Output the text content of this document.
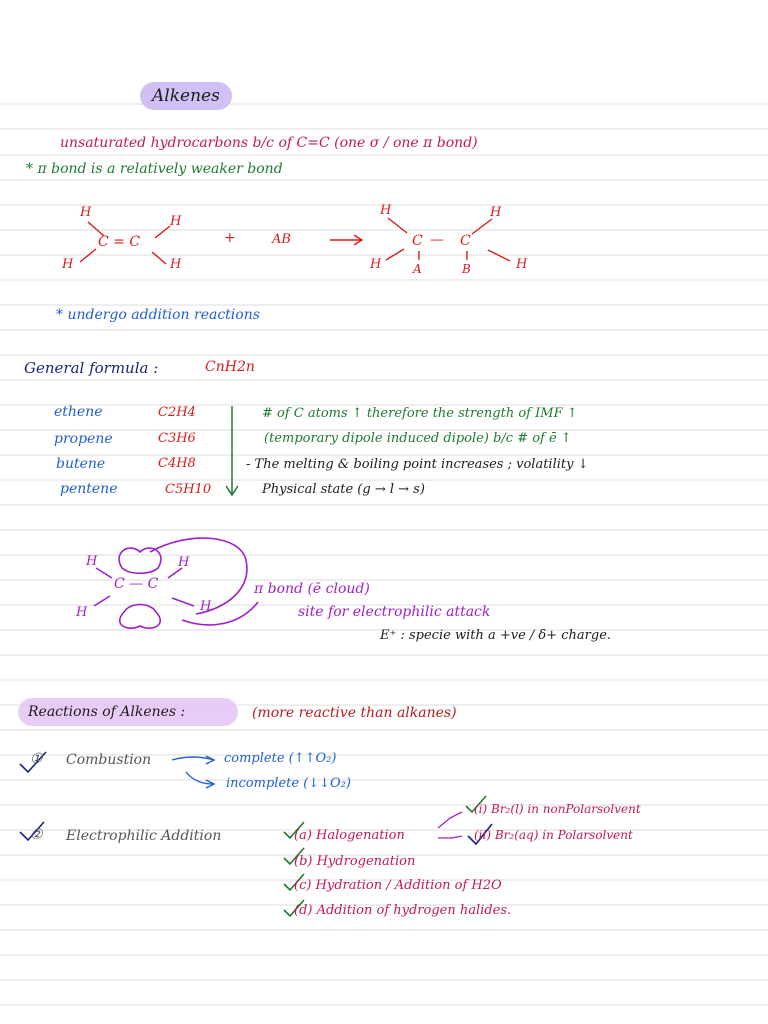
Alkenes
unsaturated hydrocarbons b/c of C=C (one σ / one π bond)
* π bond is a relatively weaker bond
H
H
H	H
C = C	+	AB
H	H
H	H
C — C
A	B
* undergo addition reactions
General formula :	CnH2n
ethene	C2H4
propene	C3H6
butene	C4H8
pentene	C5H10
# of C atoms ↑ therefore the strength of IMF ↑
(temporary dipole induced dipole) b/c # of ē ↑
- The melting & boiling point increases ; volatility ↓
Physical state (g → l → s)
H	H
H	H
C — C	π bond (ē cloud)
site for electrophilic attack
E⁺ : specie with a +ve / δ+ charge.
Reactions of Alkenes :	(more reactive than alkanes)
① Combustion	complete (↑↑O₂)
incomplete (↓↓O₂)
② Electrophilic Addition	(a) Halogenation
(b) Hydrogenation
(c) Hydration / Addition of H2O
(d) Addition of hydrogen halides.
(i) Br₂(l) in nonPolarsolvent
(ii) Br₂(aq) in Polarsolvent
